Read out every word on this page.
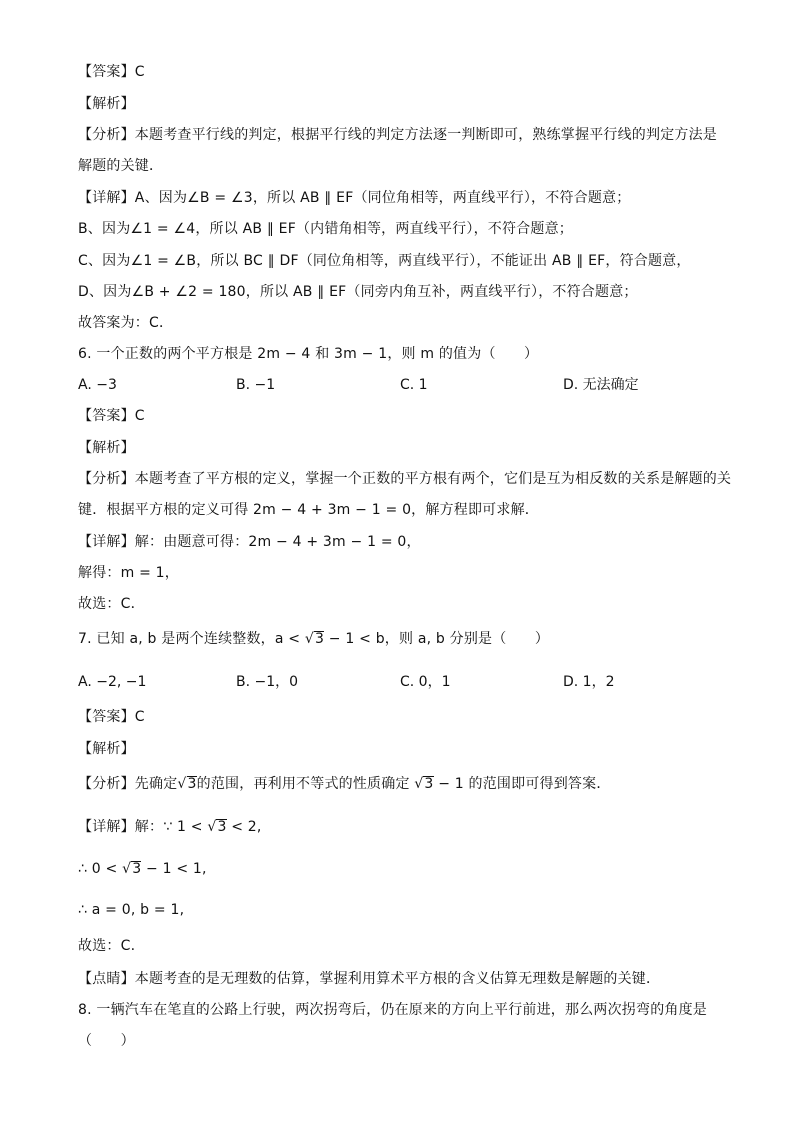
【答案】C
【解析】
【分析】本题考查平行线的判定，根据平行线的判定方法逐一判断即可，熟练掌握平行线的判定方法是
解题的关键．
【详解】A、因为∠B = ∠3，所以 AB ∥ EF（同位角相等，两直线平行），不符合题意；
B、因为∠1 = ∠4，所以 AB ∥ EF（内错角相等，两直线平行），不符合题意；
C、因为∠1 = ∠B，所以 BC ∥ DF（同位角相等，两直线平行），不能证出 AB ∥ EF，符合题意，
D、因为∠B + ∠2 = 180，所以 AB ∥ EF（同旁内角互补，两直线平行），不符合题意；
故答案为：C．
6. 一个正数的两个平方根是 2m − 4 和 3m − 1，则 m 的值为（　　）
A. −3	B. −1	C. 1	D. 无法确定
【答案】C
【解析】
【分析】本题考查了平方根的定义，掌握一个正数的平方根有两个，它们是互为相反数的关系是解题的关
键．根据平方根的定义可得 2m − 4 + 3m − 1 = 0，解方程即可求解．
【详解】解：由题意可得：2m − 4 + 3m − 1 = 0，
解得：m = 1，
故选：C．
7. 已知 a, b 是两个连续整数，a < √3 − 1 < b，则 a, b 分别是（　　）
A. −2, −1	B. −1，0	C. 0，1	D. 1，2
【答案】C
【解析】
【分析】先确定√3的范围，再利用不等式的性质确定 √3 − 1 的范围即可得到答案．
【详解】解：∵ 1 < √3 < 2,
∴ 0 < √3 − 1 < 1,
∴ a = 0, b = 1,
故选：C.
【点睛】本题考查的是无理数的估算，掌握利用算术平方根的含义估算无理数是解题的关键．
8. 一辆汽车在笔直的公路上行驶，两次拐弯后，仍在原来的方向上平行前进，那么两次拐弯的角度是
（　　）
